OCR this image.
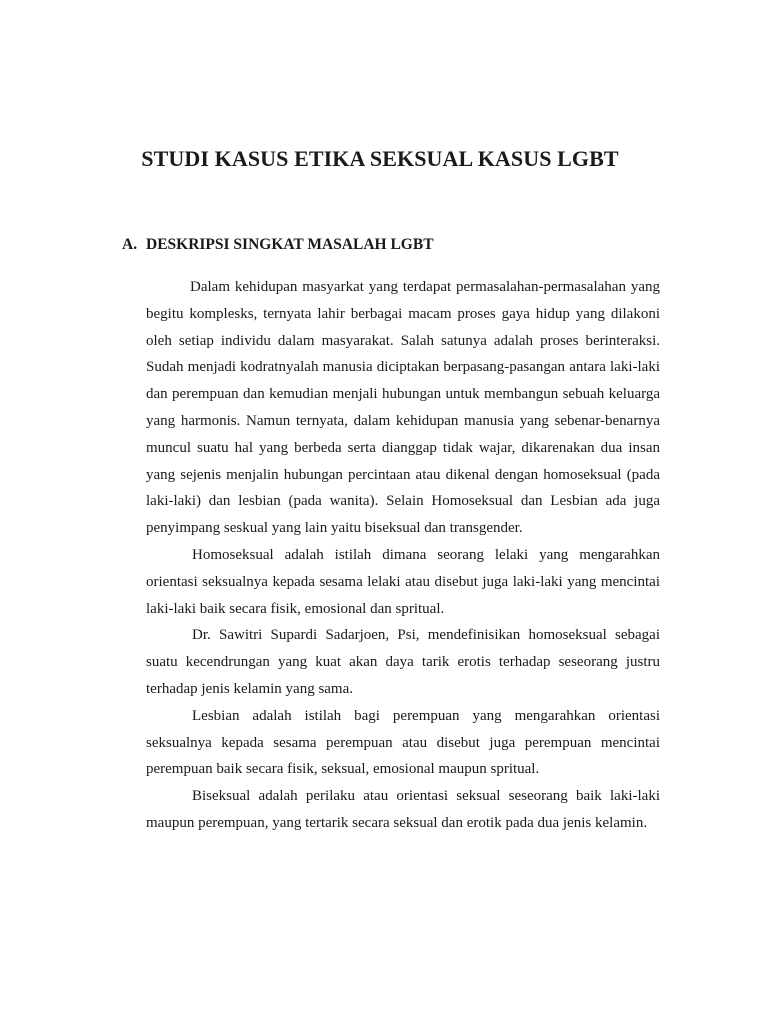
STUDI KASUS ETIKA SEKSUAL KASUS LGBT
A. DESKRIPSI SINGKAT MASALAH LGBT

Dalam kehidupan masyarkat yang terdapat permasalahan-permasalahan yang begitu komplesks, ternyata lahir berbagai macam proses gaya hidup yang dilakoni oleh setiap individu dalam masyarakat. Salah satunya adalah proses berinteraksi. Sudah menjadi kodratnyalah manusia diciptakan berpasang-pasangan antara laki-laki dan perempuan dan kemudian menjali hubungan untuk membangun sebuah keluarga yang harmonis. Namun ternyata, dalam kehidupan manusia yang sebenar-benarnya muncul suatu hal yang berbeda serta dianggap tidak wajar, dikarenakan dua insan yang sejenis menjalin hubungan percintaan atau dikenal dengan homoseksual (pada laki-laki) dan lesbian (pada wanita). Selain Homoseksual dan Lesbian ada juga penyimpang seskual yang lain yaitu biseksual dan transgender.

Homoseksual adalah istilah dimana seorang lelaki yang mengarahkan orientasi seksualnya kepada sesama lelaki atau disebut juga laki-laki yang mencintai laki-laki baik secara fisik, emosional dan spritual.

Dr. Sawitri Supardi Sadarjoen, Psi, mendefinisikan homoseksual sebagai suatu kecendrungan yang kuat akan daya tarik erotis terhadap seseorang justru terhadap jenis kelamin yang sama.

Lesbian adalah istilah bagi perempuan yang mengarahkan orientasi seksualnya kepada sesama perempuan atau disebut juga perempuan mencintai perempuan baik secara fisik, seksual, emosional maupun spritual.

Biseksual adalah perilaku atau orientasi seksual seseorang baik laki-laki maupun perempuan, yang tertarik secara seksual dan erotik pada dua jenis kelamin.
